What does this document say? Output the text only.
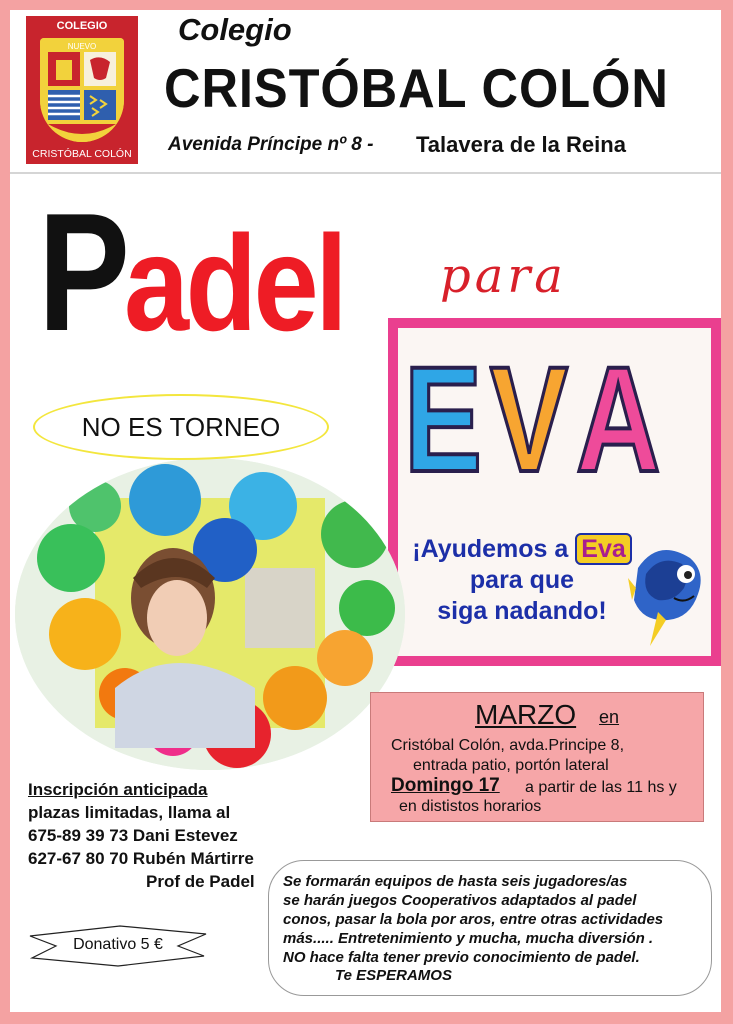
COLEGIO
NUEVO
CRISTÓBAL COLÓN
Colegio
CRISTÓBAL COLÓN
Avenida Príncipe nº 8 - Talavera de la Reina
Padel	para
EVA
¡Ayudemos a Eva
para que
siga nadando!
NO ES TORNEO
MARZO en
Cristóbal Colón, avda.Principe 8,
entrada patio, portón lateral
Domingo 17 a partir de las 11 hs y
en dististos horarios
Inscripción anticipada
plazas limitadas, llama al
675-89 39 73 Dani Estevez
627-67 80 70 Rubén Mártirre
Prof de Padel
Donativo 5 €
Se formarán equipos de hasta seis jugadores/as
se harán juegos Cooperativos adaptados al padel
conos, pasar la bola por aros, entre otras actividades
más..... Entretenimiento y mucha, mucha diversión .
NO hace falta tener previo conocimiento de padel.
Te ESPERAMOS
